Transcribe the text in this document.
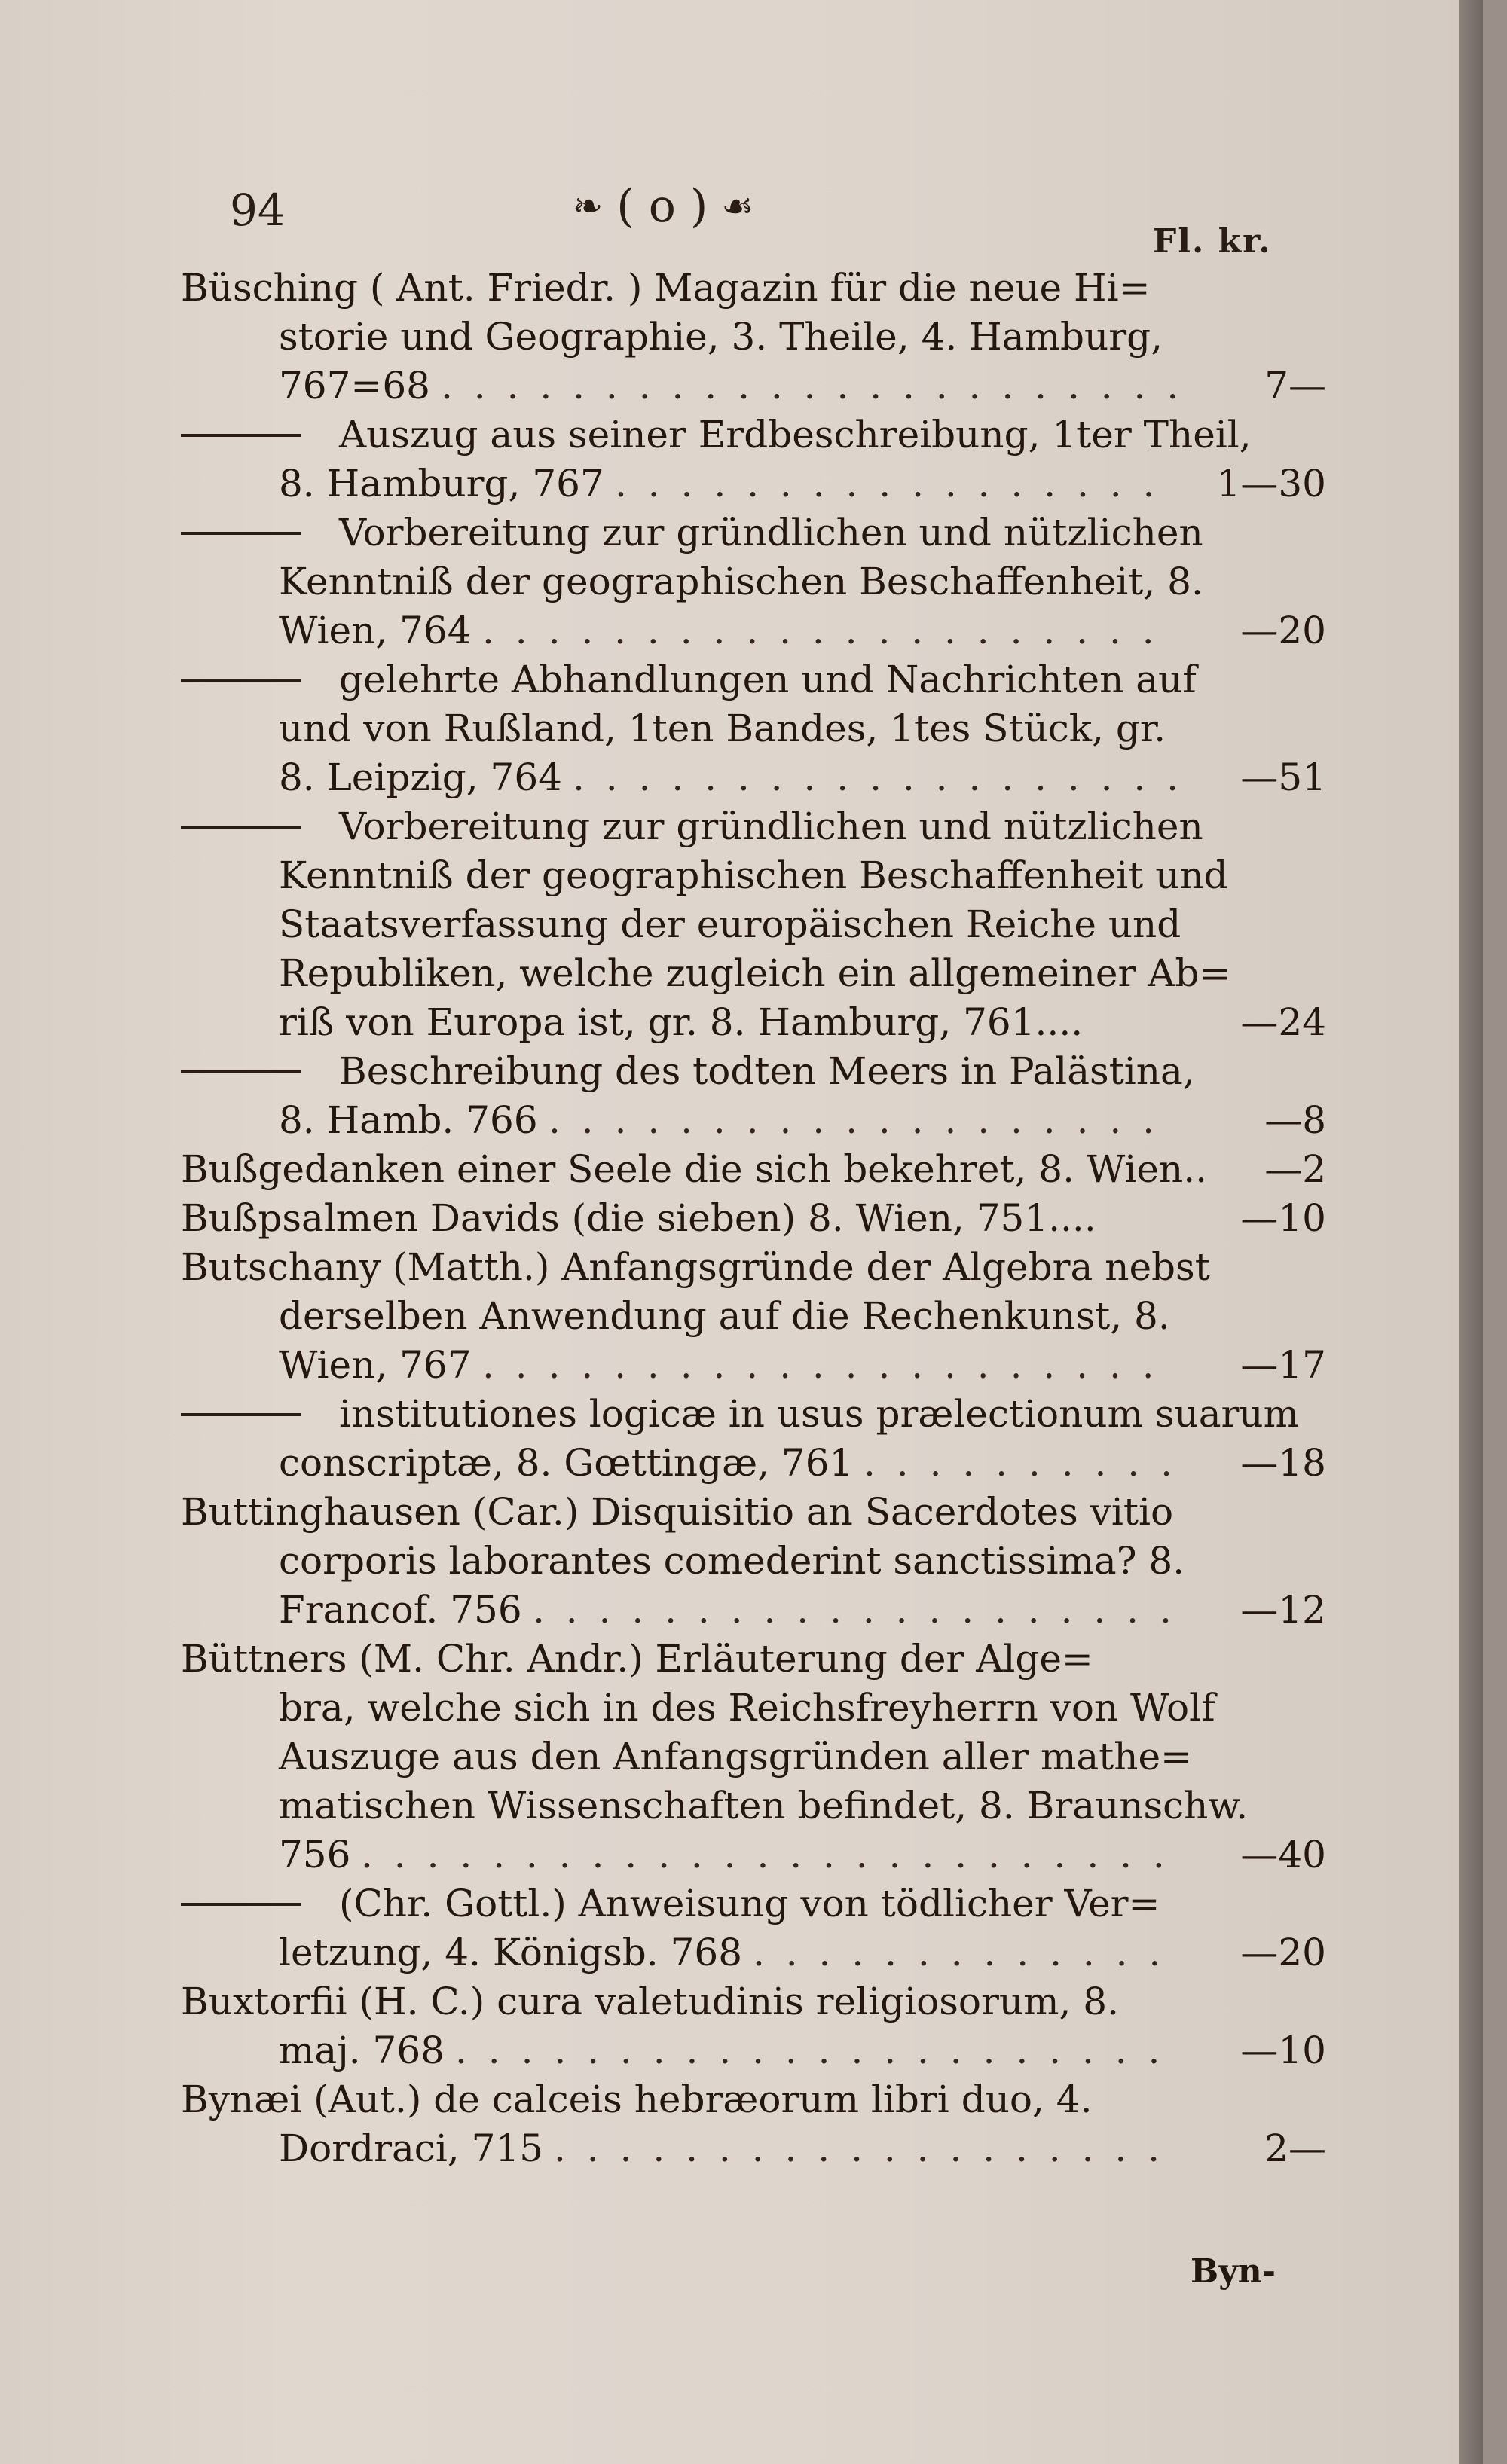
94	❧ ( o ) ☙
Fl. kr.
Büsching ( Ant. Friedr. ) Magazin für die neue Hi=
storie und Geographie, 3. Theile, 4. Hamburg,
767=68	7—
. . .
Auszug aus seiner Erdbeschreibung, 1ter Theil,
8. Hamburg, 767	1—30
. . .
Vorbereitung zur gründlichen und nützlichen
Kenntniß der geographischen Beschaffenheit, 8.
Wien, 764	—20
. . .
gelehrte Abhandlungen und Nachrichten auf
und von Rußland, 1ten Bandes, 1tes Stück, gr.
8. Leipzig, 764	—51
. . .
Vorbereitung zur gründlichen und nützlichen
Kenntniß der geographischen Beschaffenheit und
Staatsverfassung der europäischen Reiche und
Republiken, welche zugleich ein allgemeiner Ab=
riß von Europa ist, gr. 8. Hamburg, 761....	—24
Beschreibung des todten Meers in Palästina,
8. Hamb. 766	—8
. . .
Bußgedanken einer Seele die sich bekehret, 8. Wien..	—2
Bußpsalmen Davids (die sieben) 8. Wien, 751....	—10
Butschany (Matth.) Anfangsgründe der Algebra nebst
derselben Anwendung auf die Rechenkunst, 8.
Wien, 767	—17
. . .
institutiones logicæ in usus prælectionum suarum
conscriptæ, 8. Gœttingæ, 761	—18
. . .
Buttinghausen (Car.) Disquisitio an Sacerdotes vitio
corporis laborantes comederint sanctissima? 8.
Francof. 756	—12
. . .
Büttners (M. Chr. Andr.) Erläuterung der Alge=
bra, welche sich in des Reichsfreyherrn von Wolf
Auszuge aus den Anfangsgründen aller mathe=
matischen Wissenschaften befindet, 8. Braunschw.
756	—40
. . .
(Chr. Gottl.) Anweisung von tödlicher Ver=
letzung, 4. Königsb. 768	—20
. . .
Buxtorfii (H. C.) cura valetudinis religiosorum, 8.
maj. 768	—10
. . .
Bynæi (Aut.) de calceis hebræorum libri duo, 4.
Dordraci, 715	2—
. . .
Byn-
